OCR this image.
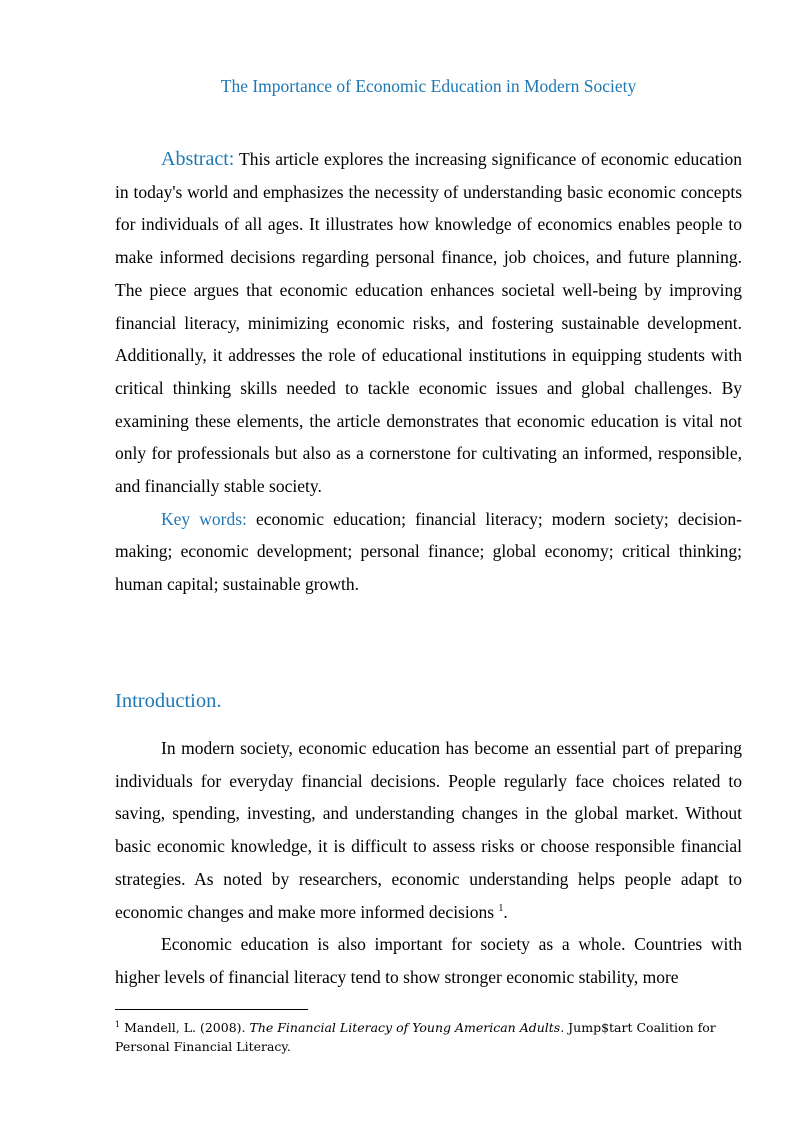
The Importance of Economic Education in Modern Society

Abstract: This article explores the increasing significance of economic education in today's world and emphasizes the necessity of understanding basic economic concepts for individuals of all ages. It illustrates how knowledge of economics enables people to make informed decisions regarding personal finance, job choices, and future planning. The piece argues that economic education enhances societal well-being by improving financial literacy, minimizing economic risks, and fostering sustainable development. Additionally, it addresses the role of educational institutions in equipping students with critical thinking skills needed to tackle economic issues and global challenges. By examining these elements, the article demonstrates that economic education is vital not only for professionals but also as a cornerstone for cultivating an informed, responsible, and financially stable society.

Key words: economic education; financial literacy; modern society; decision-making; economic development; personal finance; global economy; critical thinking; human capital; sustainable growth.

Introduction.

In modern society, economic education has become an essential part of preparing individuals for everyday financial decisions. People regularly face choices related to saving, spending, investing, and understanding changes in the global market. Without basic economic knowledge, it is difficult to assess risks or choose responsible financial strategies. As noted by researchers, economic understanding helps people adapt to economic changes and make more informed decisions $^1$.

Economic education is also important for society as a whole. Countries with higher levels of financial literacy tend to show stronger economic stability, more

$^1$ Mandell, L. (2008). The Financial Literacy of Young American Adults. Jump$tart Coalition for Personal Financial Literacy.
